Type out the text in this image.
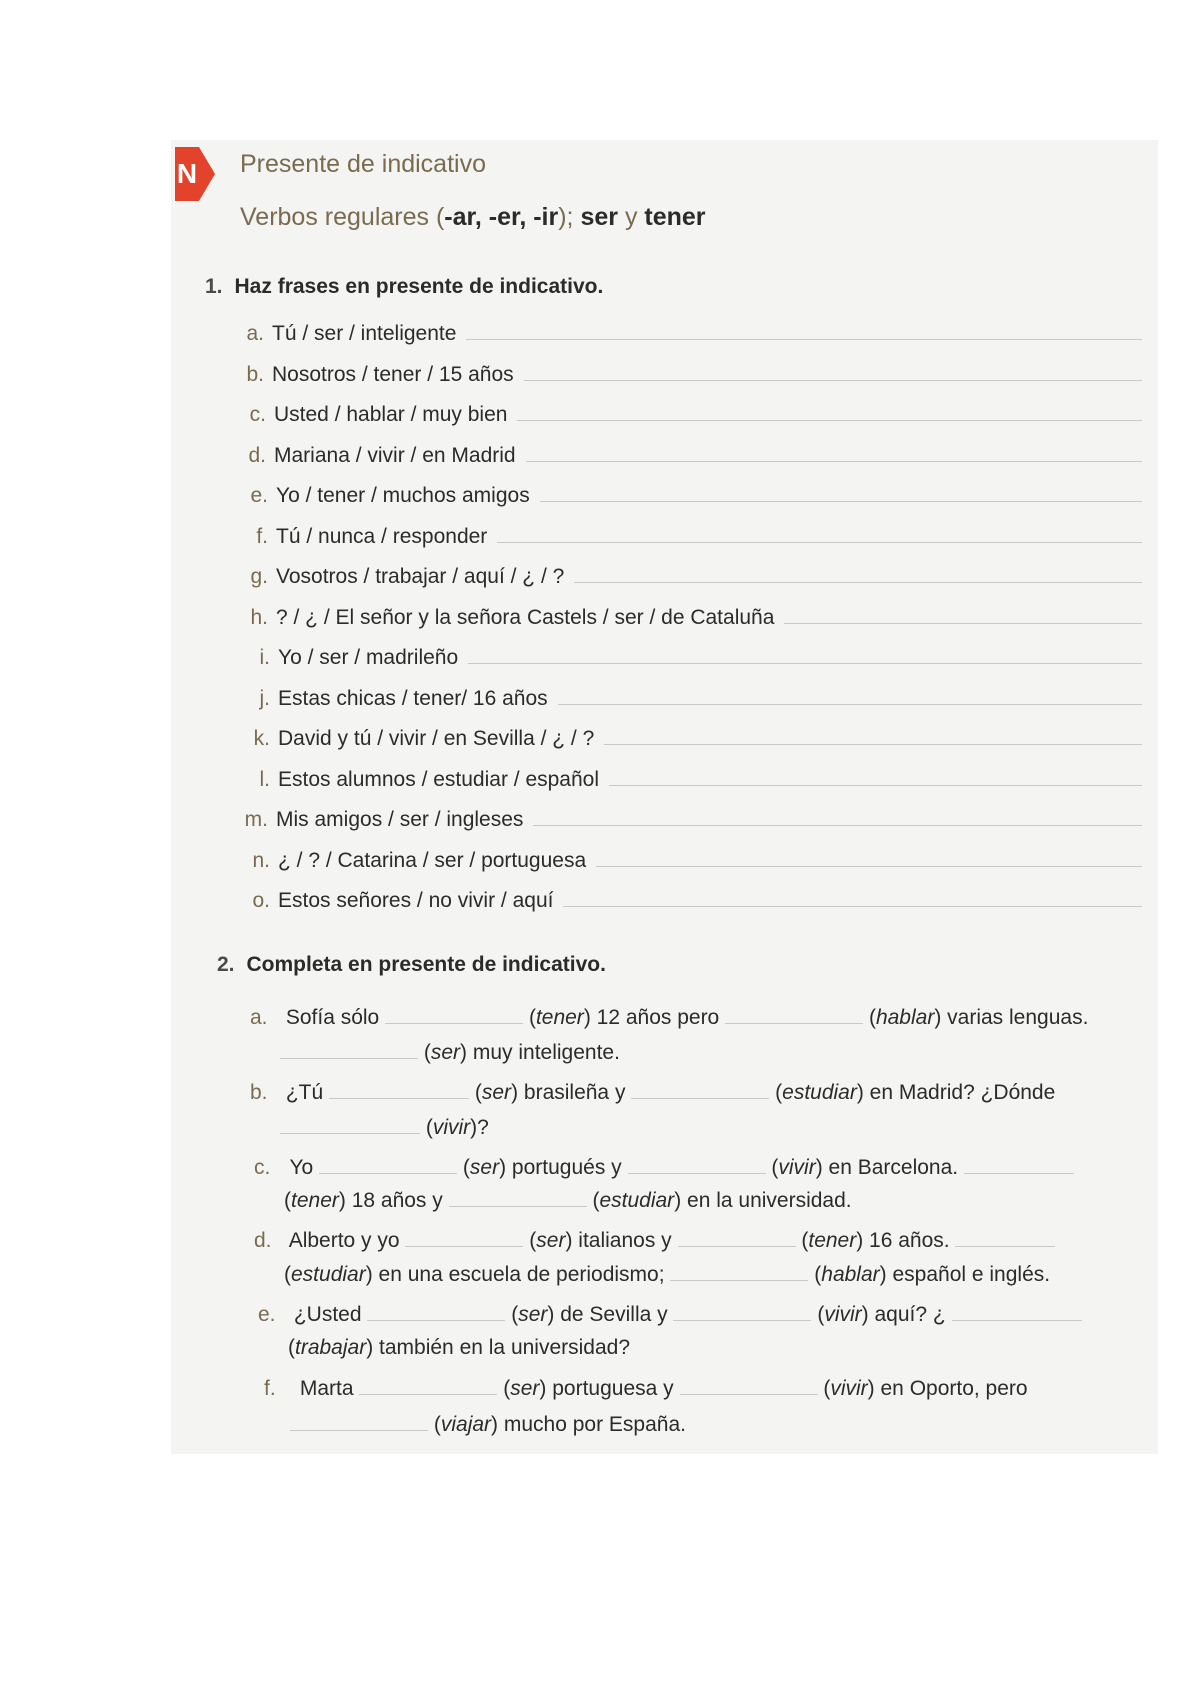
N Presente de indicativo
Verbos regulares (-ar, -er, -ir); ser y tener
1. Haz frases en presente de indicativo.
a. Tú / ser / inteligente
b. Nosotros / tener / 15 años
c. Usted / hablar / muy bien
d. Mariana / vivir / en Madrid
e. Yo / tener / muchos amigos
f. Tú / nunca / responder
g. Vosotros / trabajar / aquí / ¿ / ?
h. ? / ¿ / El señor y la señora Castels / ser / de Cataluña
i. Yo / ser / madrileño
j. Estas chicas / tener/ 16 años
k. David y tú / vivir / en Sevilla / ¿ / ?
l. Estos alumnos / estudiar / español
m. Mis amigos / ser / ingleses
n. ¿ / ? / Catarina / ser / portuguesa
o. Estos señores / no vivir / aquí
2. Completa en presente de indicativo.
a. Sofía sólo	(tener) 12 años pero	(hablar) varias lenguas.
(ser) muy inteligente.
b. ¿Tú	(ser) brasileña y	(estudiar) en Madrid? ¿Dónde
(vivir)?
c. Yo	(ser) portugués y	(vivir) en Barcelona.
(tener) 18 años y	(estudiar) en la universidad.
d. Alberto y yo	(ser) italianos y	(tener) 16 años.
(estudiar) en una escuela de periodismo;	(hablar) español e inglés.
e. ¿Usted	(ser) de Sevilla y	(vivir) aquí? ¿
(trabajar) también en la universidad?
f. Marta	(ser) portuguesa y	(vivir) en Oporto, pero
(viajar) mucho por España.
